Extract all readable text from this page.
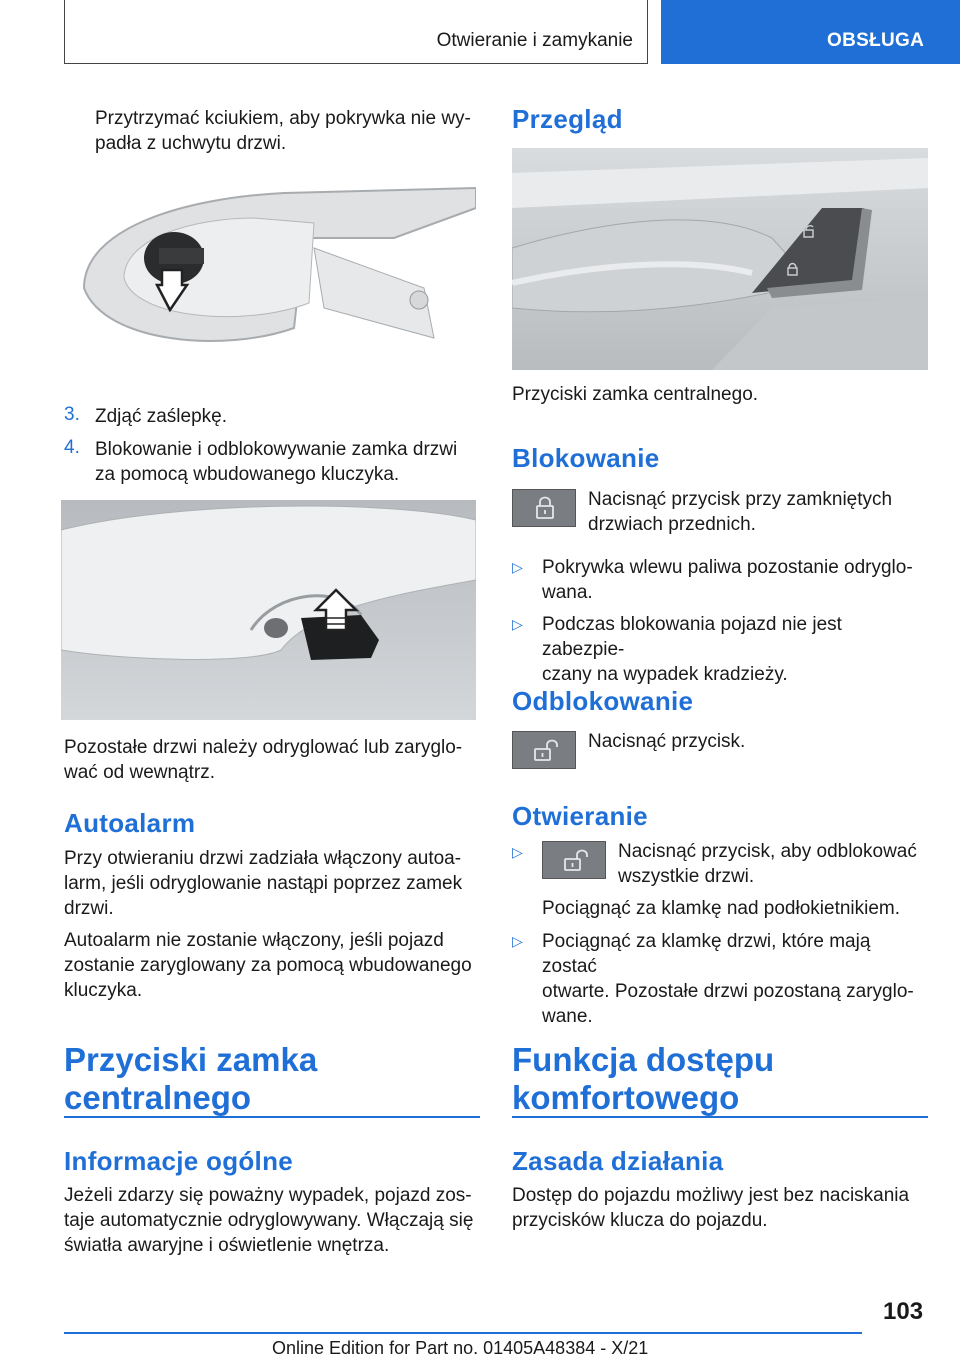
Otwieranie i zamykanie	OBSŁUGA

Przytrzymać kciukiem, aby pokrywka nie wy-
padła z uchwytu drzwi.

3. Zdjąć zaślepkę.

4. Blokowanie i odblokowywanie zamka drzwi za pomocą wbudowanego kluczyka.

Pozostałe drzwi należy odryglować lub zaryglo-
wać od wewnątrz.

Autoalarm

Przy otwieraniu drzwi zadziała włączony autoa-
larm, jeśli odryglowanie nastąpi poprzez zamek
drzwi.

Autoalarm nie zostanie włączony, jeśli pojazd
zostanie zaryglowany za pomocą wbudowanego
kluczyka.

Przyciski zamka

centralnego

Informacje ogólne

Jeżeli zdarzy się poważny wypadek, pojazd zos-
taje automatycznie odryglowywany. Włączają się
światła awaryjne i oświetlenie wnętrza.

Przegląd

Przyciski zamka centralnego.

Blokowanie

Nacisnąć przycisk przy zamkniętych
drzwiach przednich.

▷ Pokrywka wlewu paliwa pozostanie odryglo-
wana.

▷ Podczas blokowania pojazd nie jest zabezpie-
czany na wypadek kradzieży.

Odblokowanie

Nacisnąć przycisk.

Otwieranie
▷	Nacisnąć przycisk, aby odblokować
wszystkie drzwi.

Pociągnąć za klamkę nad podłokietnikiem.

▷ Pociągnąć za klamkę drzwi, które mają zostać
otwarte. Pozostałe drzwi pozostaną zaryglo-
wane.

Funkcja dostępu

komfortowego

Zasada działania

Dostęp do pojazdu możliwy jest bez naciskania
przycisków klucza do pojazdu.

103
Online Edition for Part no. 01405A48384 - X/21
